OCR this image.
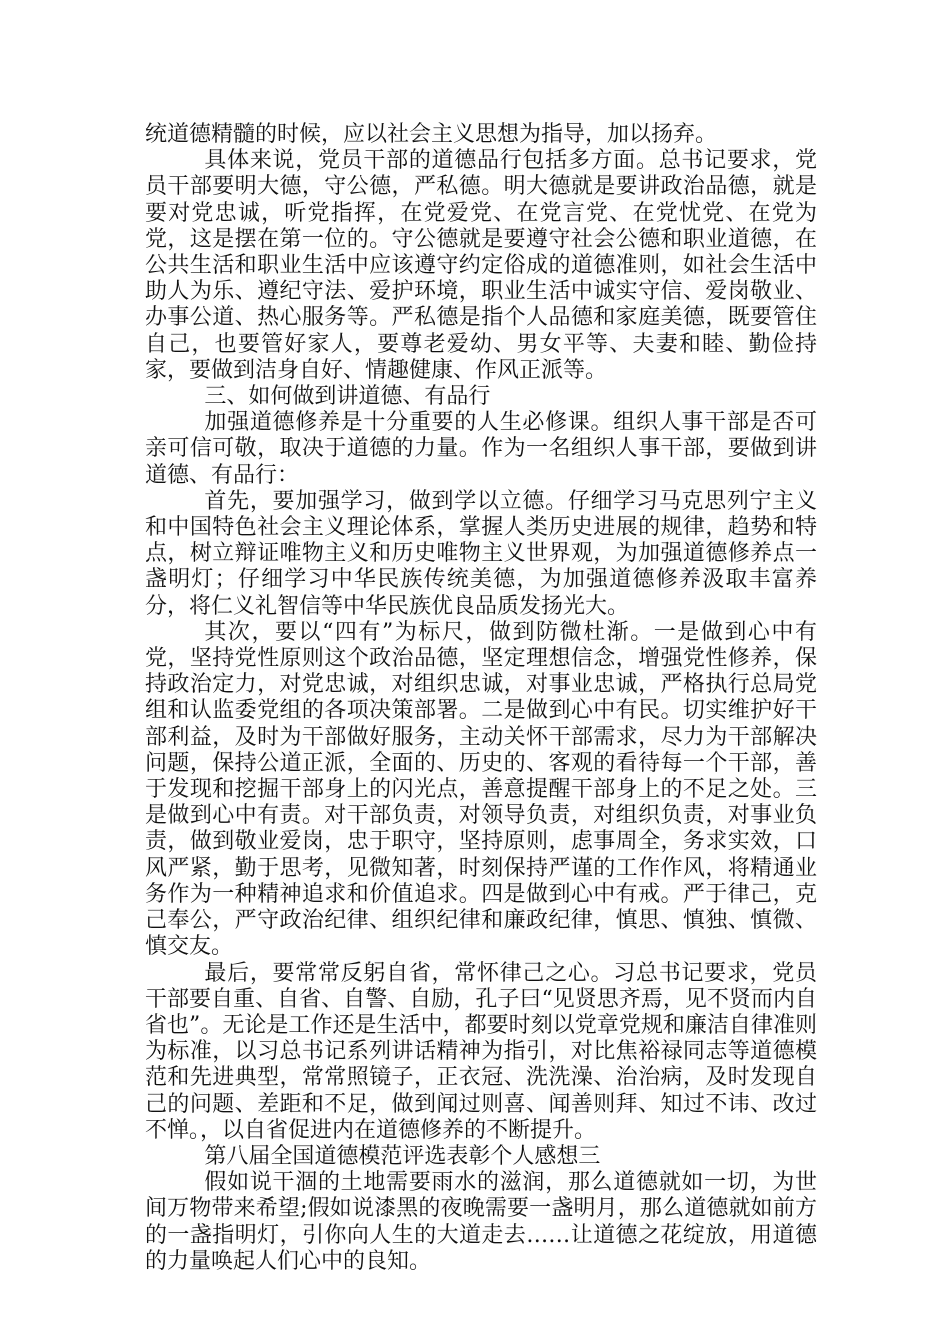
统道德精髓的时候，应以社会主义思想为指导，加以扬弃。

具体来说，党员干部的道德品行包括多方面。总书记要求，党员干部要明大德，守公德，严私德。明大德就是要讲政治品德，就是要对党忠诚，听党指挥，在党爱党、在党言党、在党忧党、在党为党，这是摆在第一位的。守公德就是要遵守社会公德和职业道德，在公共生活和职业生活中应该遵守约定俗成的道德准则，如社会生活中助人为乐、遵纪守法、爱护环境，职业生活中诚实守信、爱岗敬业、办事公道、热心服务等。严私德是指个人品德和家庭美德，既要管住自己，也要管好家人，要尊老爱幼、男女平等、夫妻和睦、勤俭持家，要做到洁身自好、情趣健康、作风正派等。

三、如何做到讲道德、有品行

加强道德修养是十分重要的人生必修课。组织人事干部是否可亲可信可敬，取决于道德的力量。作为一名组织人事干部，要做到讲道德、有品行：

首先，要加强学习，做到学以立德。仔细学习马克思列宁主义和中国特色社会主义理论体系，掌握人类历史进展的规律，趋势和特点，树立辩证唯物主义和历史唯物主义世界观，为加强道德修养点一盏明灯；仔细学习中华民族传统美德，为加强道德修养汲取丰富养分，将仁义礼智信等中华民族优良品质发扬光大。

其次，要以“四有”为标尺，做到防微杜渐。一是做到心中有党，坚持党性原则这个政治品德，坚定理想信念，增强党性修养，保持政治定力，对党忠诚，对组织忠诚，对事业忠诚，严格执行总局党组和认监委党组的各项决策部署。二是做到心中有民。切实维护好干部利益，及时为干部做好服务，主动关怀干部需求，尽力为干部解决问题，保持公道正派，全面的、历史的、客观的看待每一个干部，善于发现和挖掘干部身上的闪光点，善意提醒干部身上的不足之处。三是做到心中有责。对干部负责，对领导负责，对组织负责，对事业负责，做到敬业爱岗，忠于职守，坚持原则，虑事周全，务求实效，口风严紧，勤于思考，见微知著，时刻保持严谨的工作作风，将精通业务作为一种精神追求和价值追求。四是做到心中有戒。严于律己，克己奉公，严守政治纪律、组织纪律和廉政纪律，慎思、慎独、慎微、慎交友。

最后，要常常反躬自省，常怀律己之心。习总书记要求，党员干部要自重、自省、自警、自励，孔子曰“见贤思齐焉，见不贤而内自省也”。无论是工作还是生活中，都要时刻以党章党规和廉洁自律准则为标准，以习总书记系列讲话精神为指引，对比焦裕禄同志等道德模范和先进典型，常常照镜子，正衣冠、洗洗澡、治治病，及时发现自己的问题、差距和不足，做到闻过则喜、闻善则拜、知过不讳、改过不惮。，以自省促进内在道德修养的不断提升。

第八届全国道德模范评选表彰个人感想三

假如说干涸的土地需要雨水的滋润，那么道德就如一切，为世间万物带来希望;假如说漆黑的夜晚需要一盏明月，那么道德就如前方的一盏指明灯，引你向人生的大道走去……让道德之花绽放，用道德的力量唤起人们心中的良知。
